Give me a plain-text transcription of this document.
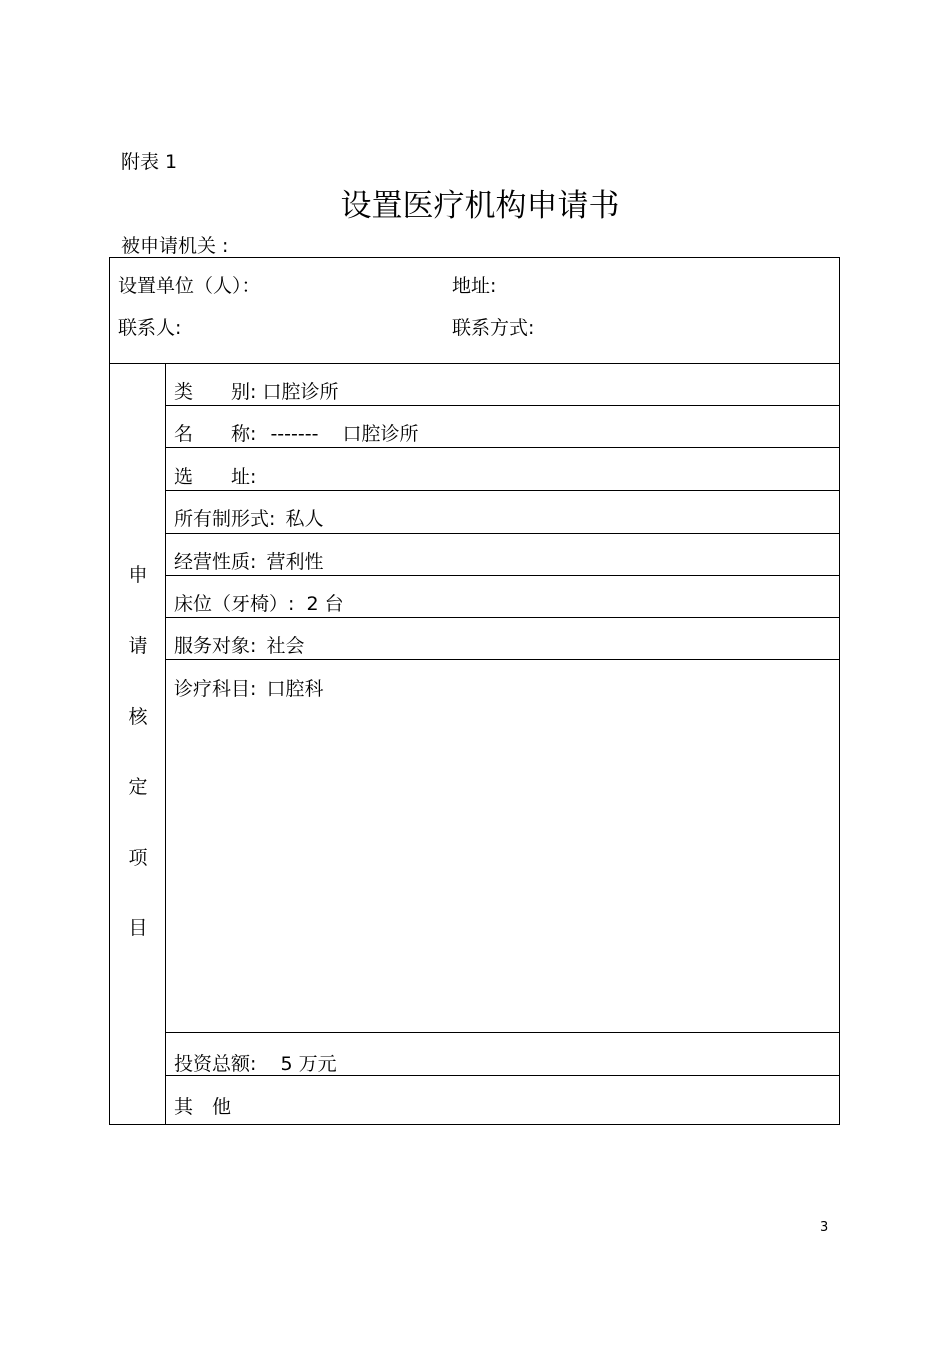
附表 1
设置医疗机构申请书
被申请机关 :
设置单位（人）：	地址:
联系人:	联系方式:
申
请
核
定
项
目
类　　别: 口腔诊所
名　　称: ------- 口腔诊所
选　　址:
所有制形式: 私人
经营性质: 营利性
床位（牙椅）: 2 台
服务对象: 社会
诊疗科目: 口腔科
投资总额: 5 万元
其　他
3
